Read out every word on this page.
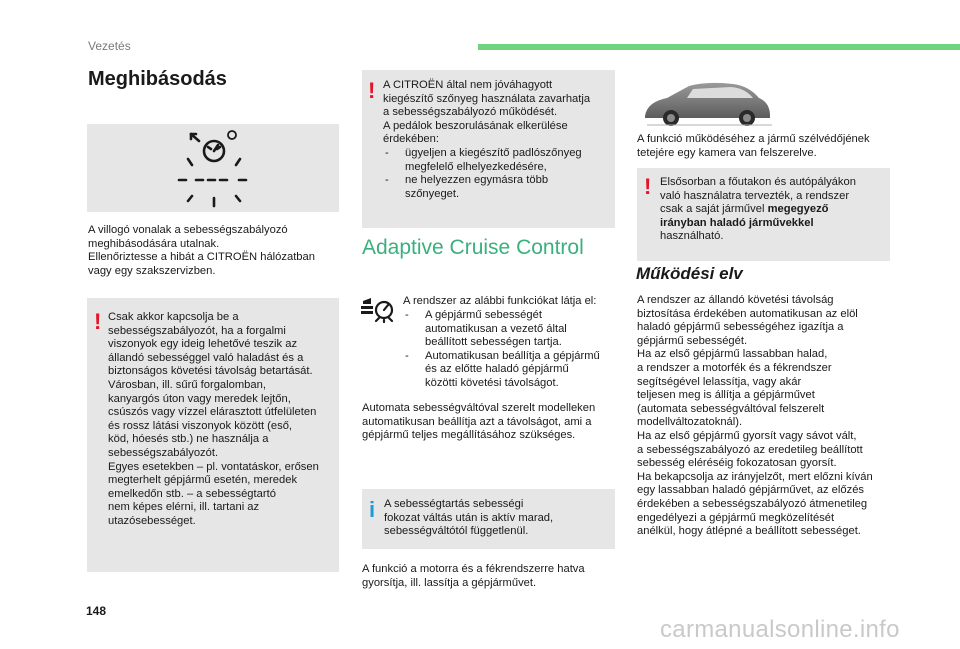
Vezetés
Meghibásodás
A villogó vonalak a sebességszabályozó
meghibásodására utalnak.
Ellenőriztesse a hibát a CITROËN hálózatban
vagy egy szakszervizben.
! Csak akkor kapcsolja be a
sebességszabályozót, ha a forgalmi
viszonyok egy ideig lehetővé teszik az
állandó sebességgel való haladást és a
biztonságos követési távolság betartását.
Városban, ill. sűrű forgalomban,
kanyargós úton vagy meredek lejtőn,
csúszós vagy vízzel elárasztott útfelületen
és rossz látási viszonyok között (eső,
köd, hóesés stb.) ne használja a
sebességszabályozót.
Egyes esetekben – pl. vontatáskor, erősen
megterhelt gépjármű esetén, meredek
emelkedőn stb. – a sebességtartó
nem képes elérni, ill. tartani az
utazósebességet.
! A CITROËN által nem jóváhagyott
kiegészítő szőnyeg használata zavarhatja
a sebességszabályozó működését.
A pedálok beszorulásának elkerülése
érdekében:
- ügyeljen a kiegészítő padlószőnyeg
megfelelő elhelyezkedésére,
- ne helyezzen egymásra több
szőnyeget.
Adaptive Cruise Control
A rendszer az alábbi funkciókat látja el:
- A gépjármű sebességét
automatikusan a vezető által
beállított sebességen tartja.
- Automatikusan beállítja a gépjármű
és az előtte haladó gépjármű
közötti követési távolságot.
Automata sebességváltóval szerelt modelleken
automatikusan beállítja azt a távolságot, ami a
gépjármű teljes megállításához szükséges.
i A sebességtartás sebességi
fokozat váltás után is aktív marad,
sebességváltótól függetlenül.
A funkció a motorra és a fékrendszerre hatva
gyorsítja, ill. lassítja a gépjárművet.
A funkció működéséhez a jármű szélvédőjének
tetejére egy kamera van felszerelve.
! Elsősorban a főutakon és autópályákon
való használatra tervezték, a rendszer
csak a saját járművel megegyező
irányban haladó járművekkel
használható.
Működési elv
A rendszer az állandó követési távolság
biztosítása érdekében automatikusan az elöl
haladó gépjármű sebességéhez igazítja a
gépjármű sebességét.
Ha az első gépjármű lassabban halad,
a rendszer a motorfék és a fékrendszer
segítségével lelassítja, vagy akár
teljesen meg is állítja a gépjárművet
(automata sebességváltóval felszerelt
modellváltozatoknál).
Ha az első gépjármű gyorsít vagy sávot vált,
a sebességszabályozó az eredetileg beállított
sebesség eléréséig fokozatosan gyorsít.
Ha bekapcsolja az irányjelzőt, mert előzni kíván
egy lassabban haladó gépjárművet, az előzés
érdekében a sebességszabályozó átmenetileg
engedélyezi a gépjármű megközelítését
anélkül, hogy átlépné a beállított sebességet.
148
carmanualsonline.info
